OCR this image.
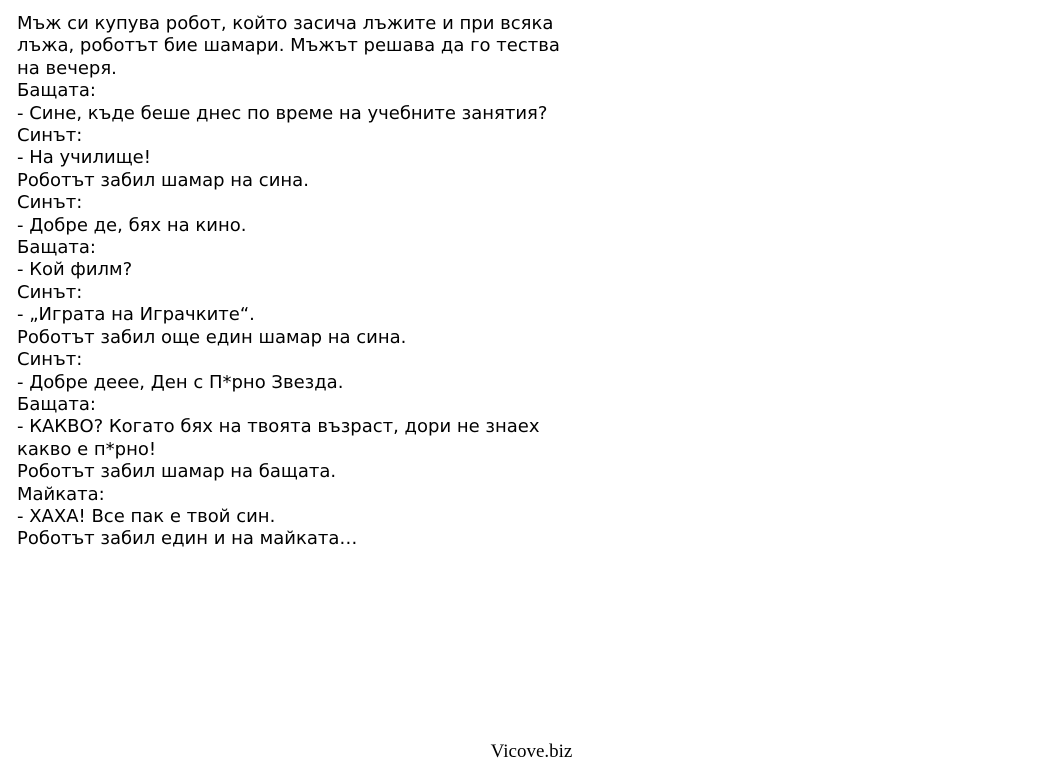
Мъж си купува робот, който засича лъжите и при всяка лъжа, роботът бие шамари. Мъжът решава да го тества на вечеря.
Бащата:
- Сине, къде беше днес по време на учебните занятия?
Синът:
- На училище!
Роботът забил шамар на сина.
Синът:
- Добре де, бях на кино.
Бащата:
- Кой филм?
Синът:
- „Играта на Играчките“.
Роботът забил още един шамар на сина.
Синът:
- Добре деее, Ден с П*рно Звезда.
Бащата:
- КАКВО? Когато бях на твоята възраст, дори не знаех какво е п*рно!
Роботът забил шамар на бащата.
Майката:
- ХАХА! Все пак е твой син.
Роботът забил един и на майката…
Vicove.biz
